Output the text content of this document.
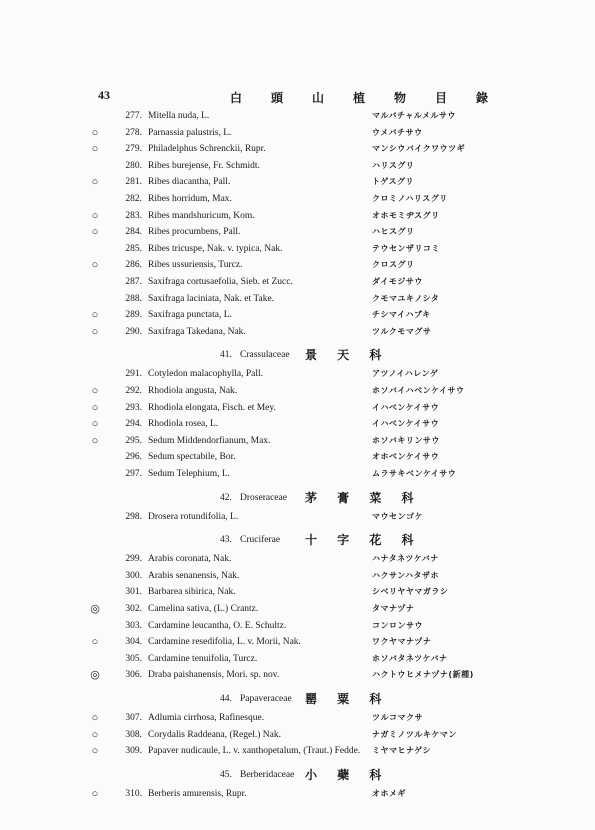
43	白 頭 山 植 物 目 錄
277. Mitella nuda, L.	マルバチャルメルサウ
○	278. Parnassia palustris, L.	ウメバチサウ
○	279. Philadelphus Schrenckii, Rupr.	マンシウバイクワウツギ
280. Ribes burejense, Fr. Schmidt.	ハリスグリ
○	281. Ribes diacantha, Pall.	トゲスグリ
282. Ribes horridum, Max.	クロミノハリスグリ
○	283. Ribes mandshuricum, Kom.	オホモミヂスグリ
○	284. Ribes procumbens, Pall.	ハヒスグリ
285. Ribes tricuspe, Nak. v. typica, Nak.	テウセンザリコミ
○	286. Ribes ussuriensis, Turcz.	クロスグリ
287. Saxifraga cortusaefolia, Sieb. et Zucc.	ダイモジサウ
288. Saxifraga laciniata, Nak. et Take.	クモマユキノシタ
○	289. Saxifraga punctata, L.	チシマイハブキ
○	290. Saxifraga Takedana, Nak.	ツルクモマグサ
41. Crassulaceae 景 天 科
291. Cotyledon malacophylla, Pall.	アツノイハレンゲ
○	292. Rhodiola angusta, Nak.	ホソバイハベンケイサウ
○	293. Rhodiola elongata, Fisch. et Mey.	イハベンケイサウ
○	294. Rhodiola rosea, L.	イハベンケイサウ
○	295. Sedum Middendorfianum, Max.	ホソバキリンサウ
296. Sedum spectabile, Bor.	オホベンケイサウ
297. Sedum Telephium, L.	ムラサキベンケイサウ
42. Droseraceae 茅 膏 菜 科
298. Drosera rotundifolia, L.	マウセンゴケ
43. Cruciferae 十 字 花 科
299. Arabis coronata, Nak.	ハナタネツケバナ
300. Arabis senanensis, Nak.	ハクサンハタザホ
301. Barbarea sibirica, Nak.	シベリヤヤマガラシ
◎	302. Camelina sativa, (L.) Crantz.	タマナヅナ
303. Cardamine leucantha, O. E. Schultz.	コンロンサウ
○	304. Cardamine resedifolia, L. v. Morii, Nak.	ワクヤマナヅナ
305. Cardamine tenuifolia, Turcz.	ホソバタネツケバナ
◎	306. Draba paishanensis, Mori. sp. nov.	ハクトウヒメナヅナ(新種)
44. Papaveraceae 罌 粟 科
○	307. Adlumia cirrhosa, Rafinesque.	ツルコマクサ
○	308. Corydalis Raddeana, (Regel.) Nak.	ナガミノツルキケマン
○	309. Papaver nudicaule, L. v. xanthopetalum, (Traut.) Fedde. ミヤマヒナゲシ
45. Berberidaceae 小 蘗 科
○	310. Berberis amurensis, Rupr.	オホメギ
